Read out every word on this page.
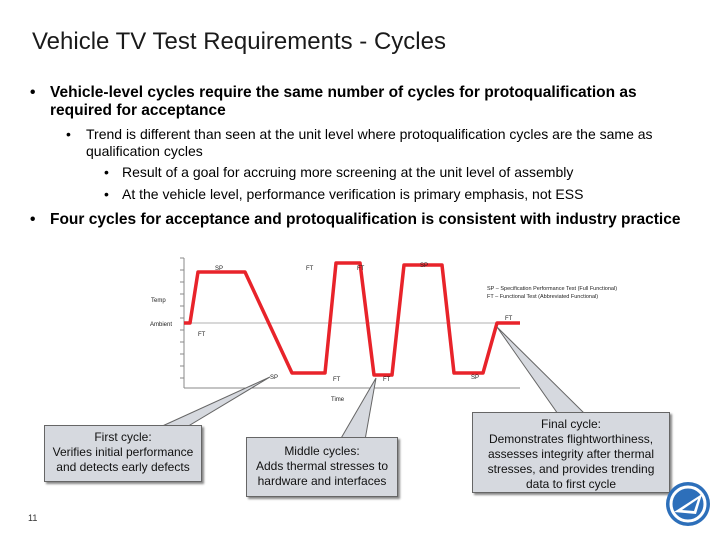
Vehicle TV Test Requirements - Cycles
• Vehicle-level cycles require the same number of cycles for protoqualification as required for acceptance
• Trend is different than seen at the unit level where protoqualification cycles are the same as qualification cycles
• Result of a goal for accruing more screening at the unit level of assembly
• At the vehicle level, performance verification is primary emphasis, not ESS
• Four cycles for acceptance and protoqualification is consistent with industry practice
SP	FT	FT	SP
SP	FT	FT	SP
FT
FT
Temp
Ambient
Time
SP – Specification Performance Test (Full Functional)
FT – Functional Test (Abbreviated Functional)
First cycle:
Verifies initial performance
and detects early defects
Middle cycles:
Adds thermal stresses to
hardware and interfaces
Final cycle:
Demonstrates flightworthiness,
assesses integrity after thermal
stresses, and provides trending
data to first cycle
11
